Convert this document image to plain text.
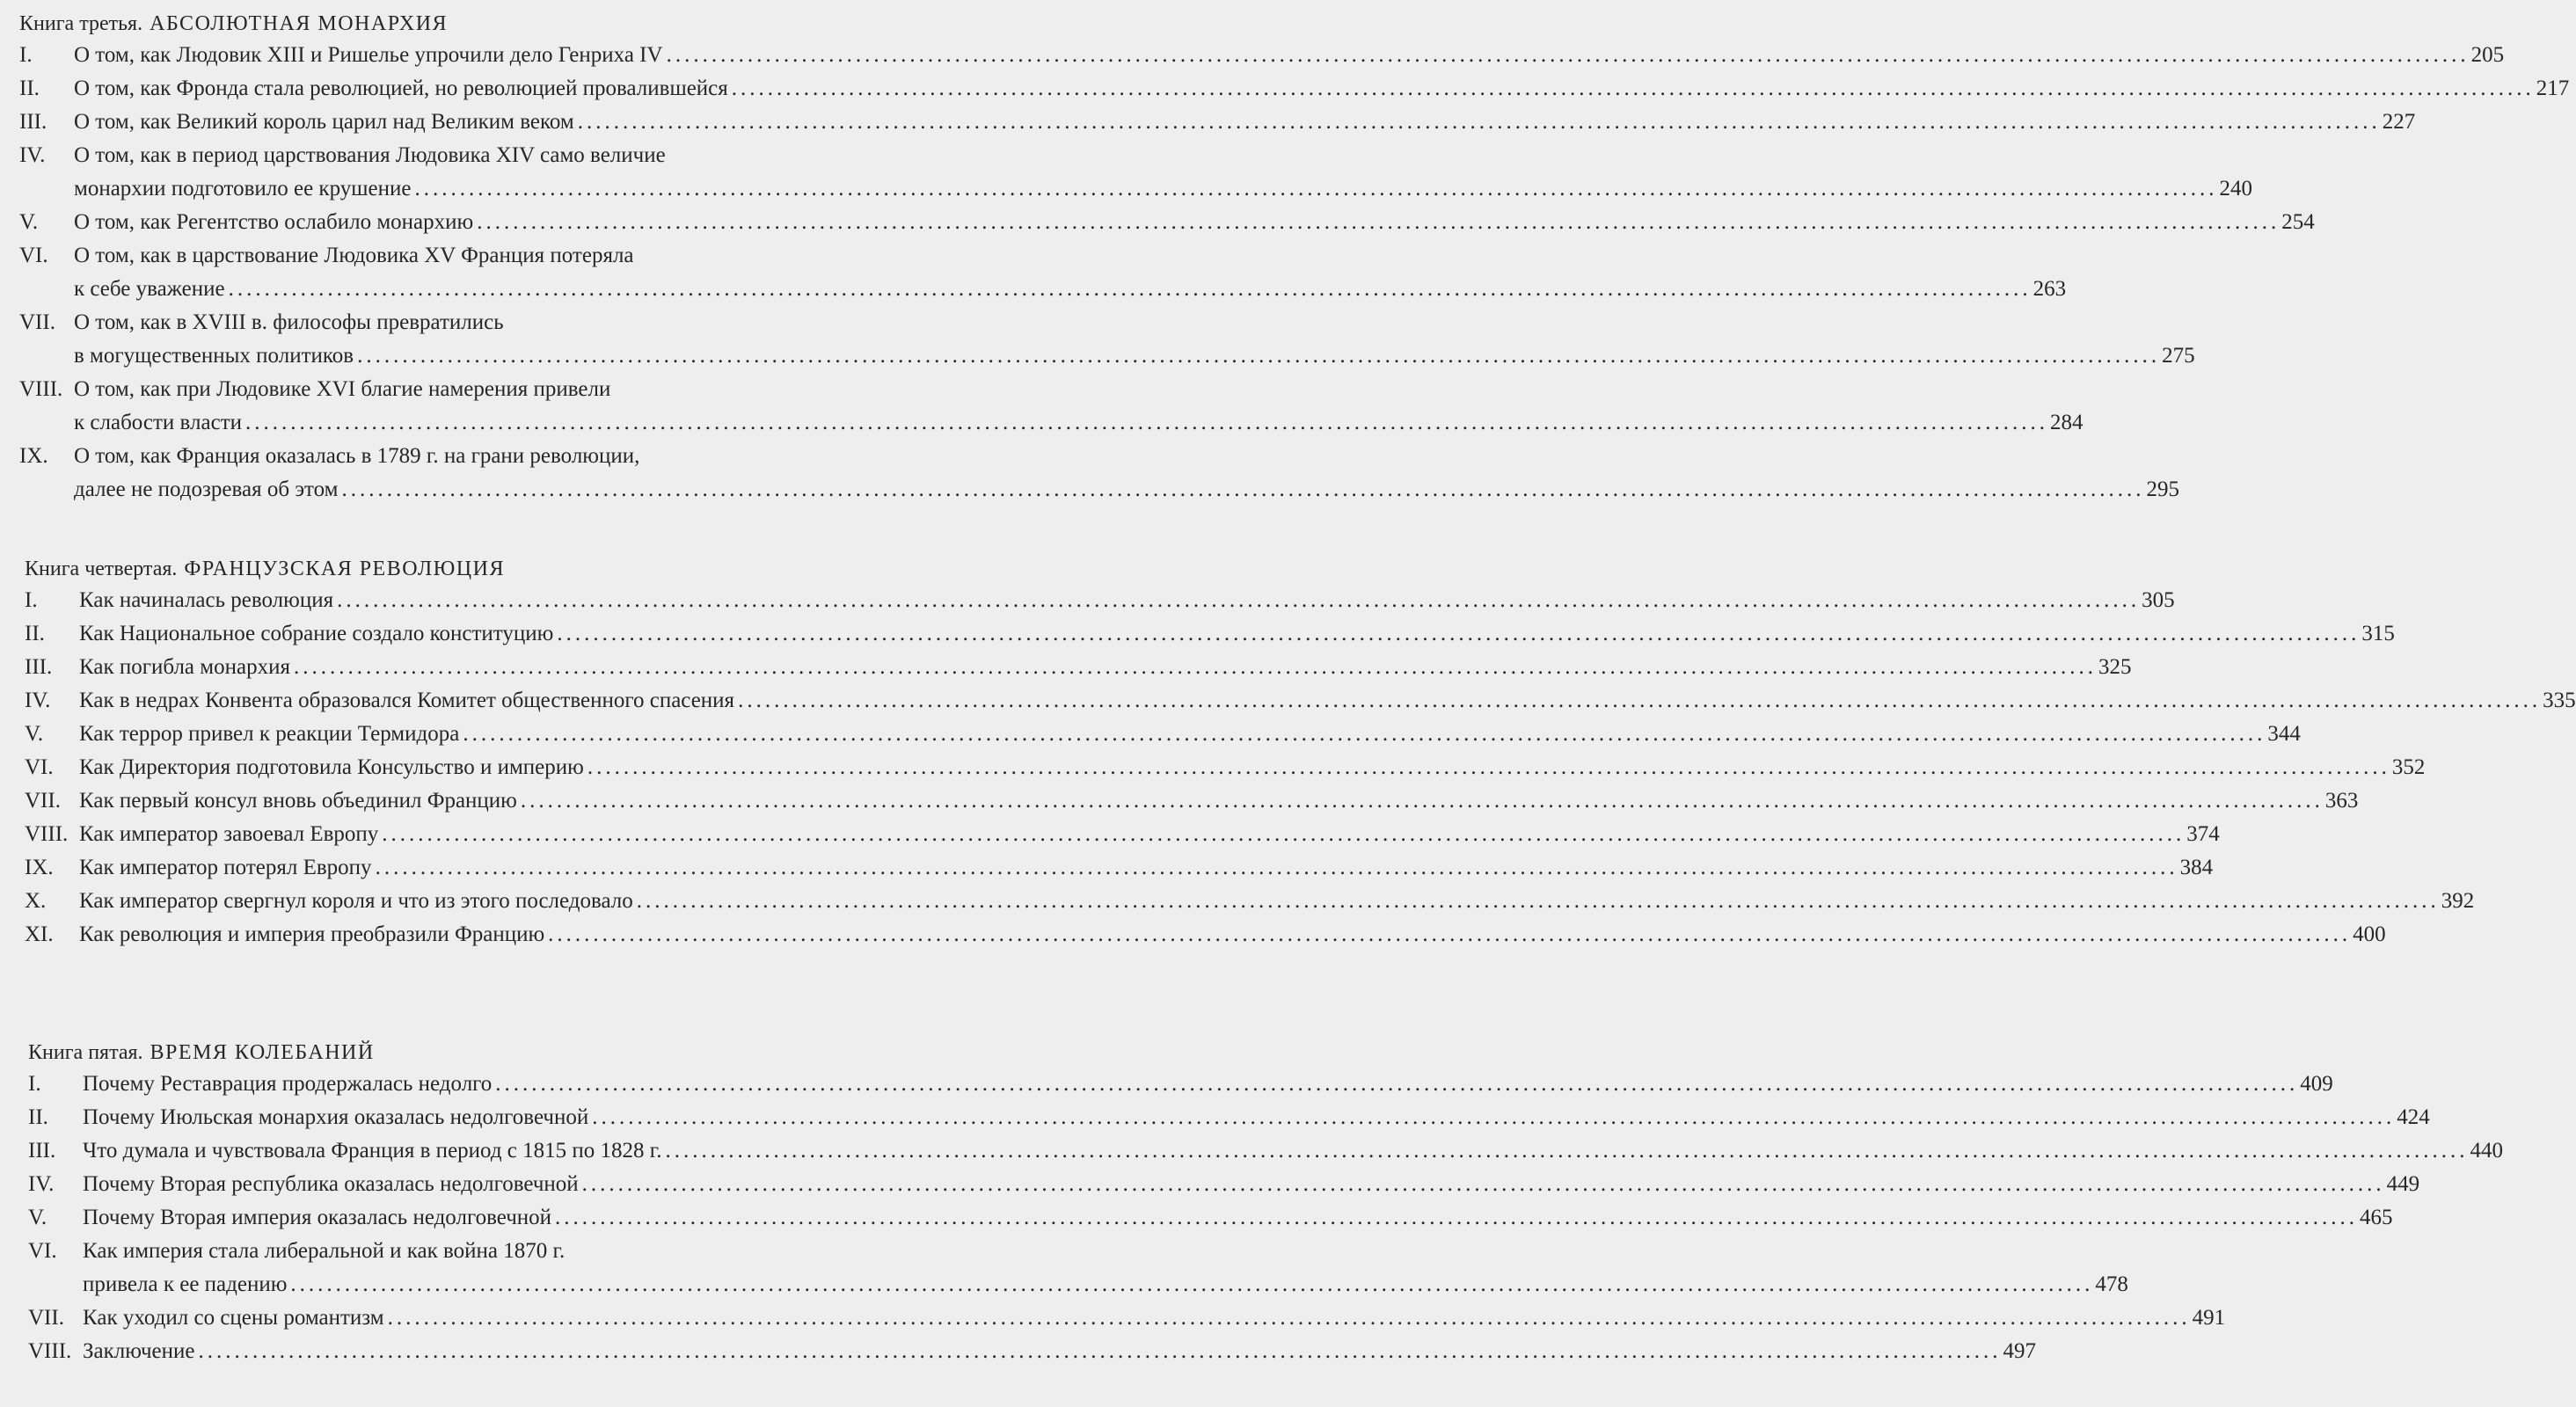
Книга третья. АБСОЛЮТНАЯ МОНАРХИЯ
I.	О том, как Людовик XIII и Ришелье упрочили дело Генриха IV ........................................................................................................................................................................................................ 205
II.	О том, как Фронда стала революцией, но революцией провалившейся ........................................................................................................................................................................................................ 217
III.	О том, как Великий король царил над Великим веком ........................................................................................................................................................................................................ 227
IV.	О том, как в период царствования Людовика XIV само величие
монархии подготовило ее крушение ........................................................................................................................................................................................................ 240
V.	О том, как Регентство ослабило монархию ........................................................................................................................................................................................................ 254
VI.	О том, как в царствование Людовика XV Франция потеряла
к себе уважение ........................................................................................................................................................................................................ 263
VII. О том, как в XVIII в. философы превратились
в могущественных политиков ........................................................................................................................................................................................................ 275
VIII. О том, как при Людовике XVI благие намерения привели
к слабости власти ........................................................................................................................................................................................................ 284
IX.	О том, как Франция оказалась в 1789 г. на грани революции,
далее не подозревая об этом ........................................................................................................................................................................................................ 295
Книга четвертая. ФРАНЦУЗСКАЯ РЕВОЛЮЦИЯ
I.	Как начиналась революция ........................................................................................................................................................................................................ 305
II.	Как Национальное собрание создало конституцию ........................................................................................................................................................................................................ 315
III.	Как погибла монархия ........................................................................................................................................................................................................ 325
IV.	Как в недрах Конвента образовался Комитет общественного спасения ........................................................................................................................................................................................................ 335
V.	Как террор привел к реакции Термидора ........................................................................................................................................................................................................ 344
VI.	Как Директория подготовила Консульство и империю ........................................................................................................................................................................................................ 352
VII. Как первый консул вновь объединил Францию ........................................................................................................................................................................................................ 363
VIII. Как император завоевал Европу ........................................................................................................................................................................................................ 374
IX.	Как император потерял Европу ........................................................................................................................................................................................................ 384
X.	Как император свергнул короля и что из этого последовало ........................................................................................................................................................................................................ 392
XI.	Как революция и империя преобразили Францию ........................................................................................................................................................................................................ 400
Книга пятая. ВРЕМЯ КОЛЕБАНИЙ
I.	Почему Реставрация продержалась недолго ........................................................................................................................................................................................................ 409
II.	Почему Июльская монархия оказалась недолговечной ........................................................................................................................................................................................................ 424
III.	Что думала и чувствовала Франция в период с 1815 по 1828 г. ........................................................................................................................................................................................................ 440
IV.	Почему Вторая республика оказалась недолговечной ........................................................................................................................................................................................................ 449
V.	Почему Вторая империя оказалась недолговечной ........................................................................................................................................................................................................ 465
VI.	Как империя стала либеральной и как война 1870 г.
привела к ее падению ........................................................................................................................................................................................................ 478
VII. Как уходил со сцены романтизм ........................................................................................................................................................................................................ 491
VIII. Заключение ........................................................................................................................................................................................................ 497
